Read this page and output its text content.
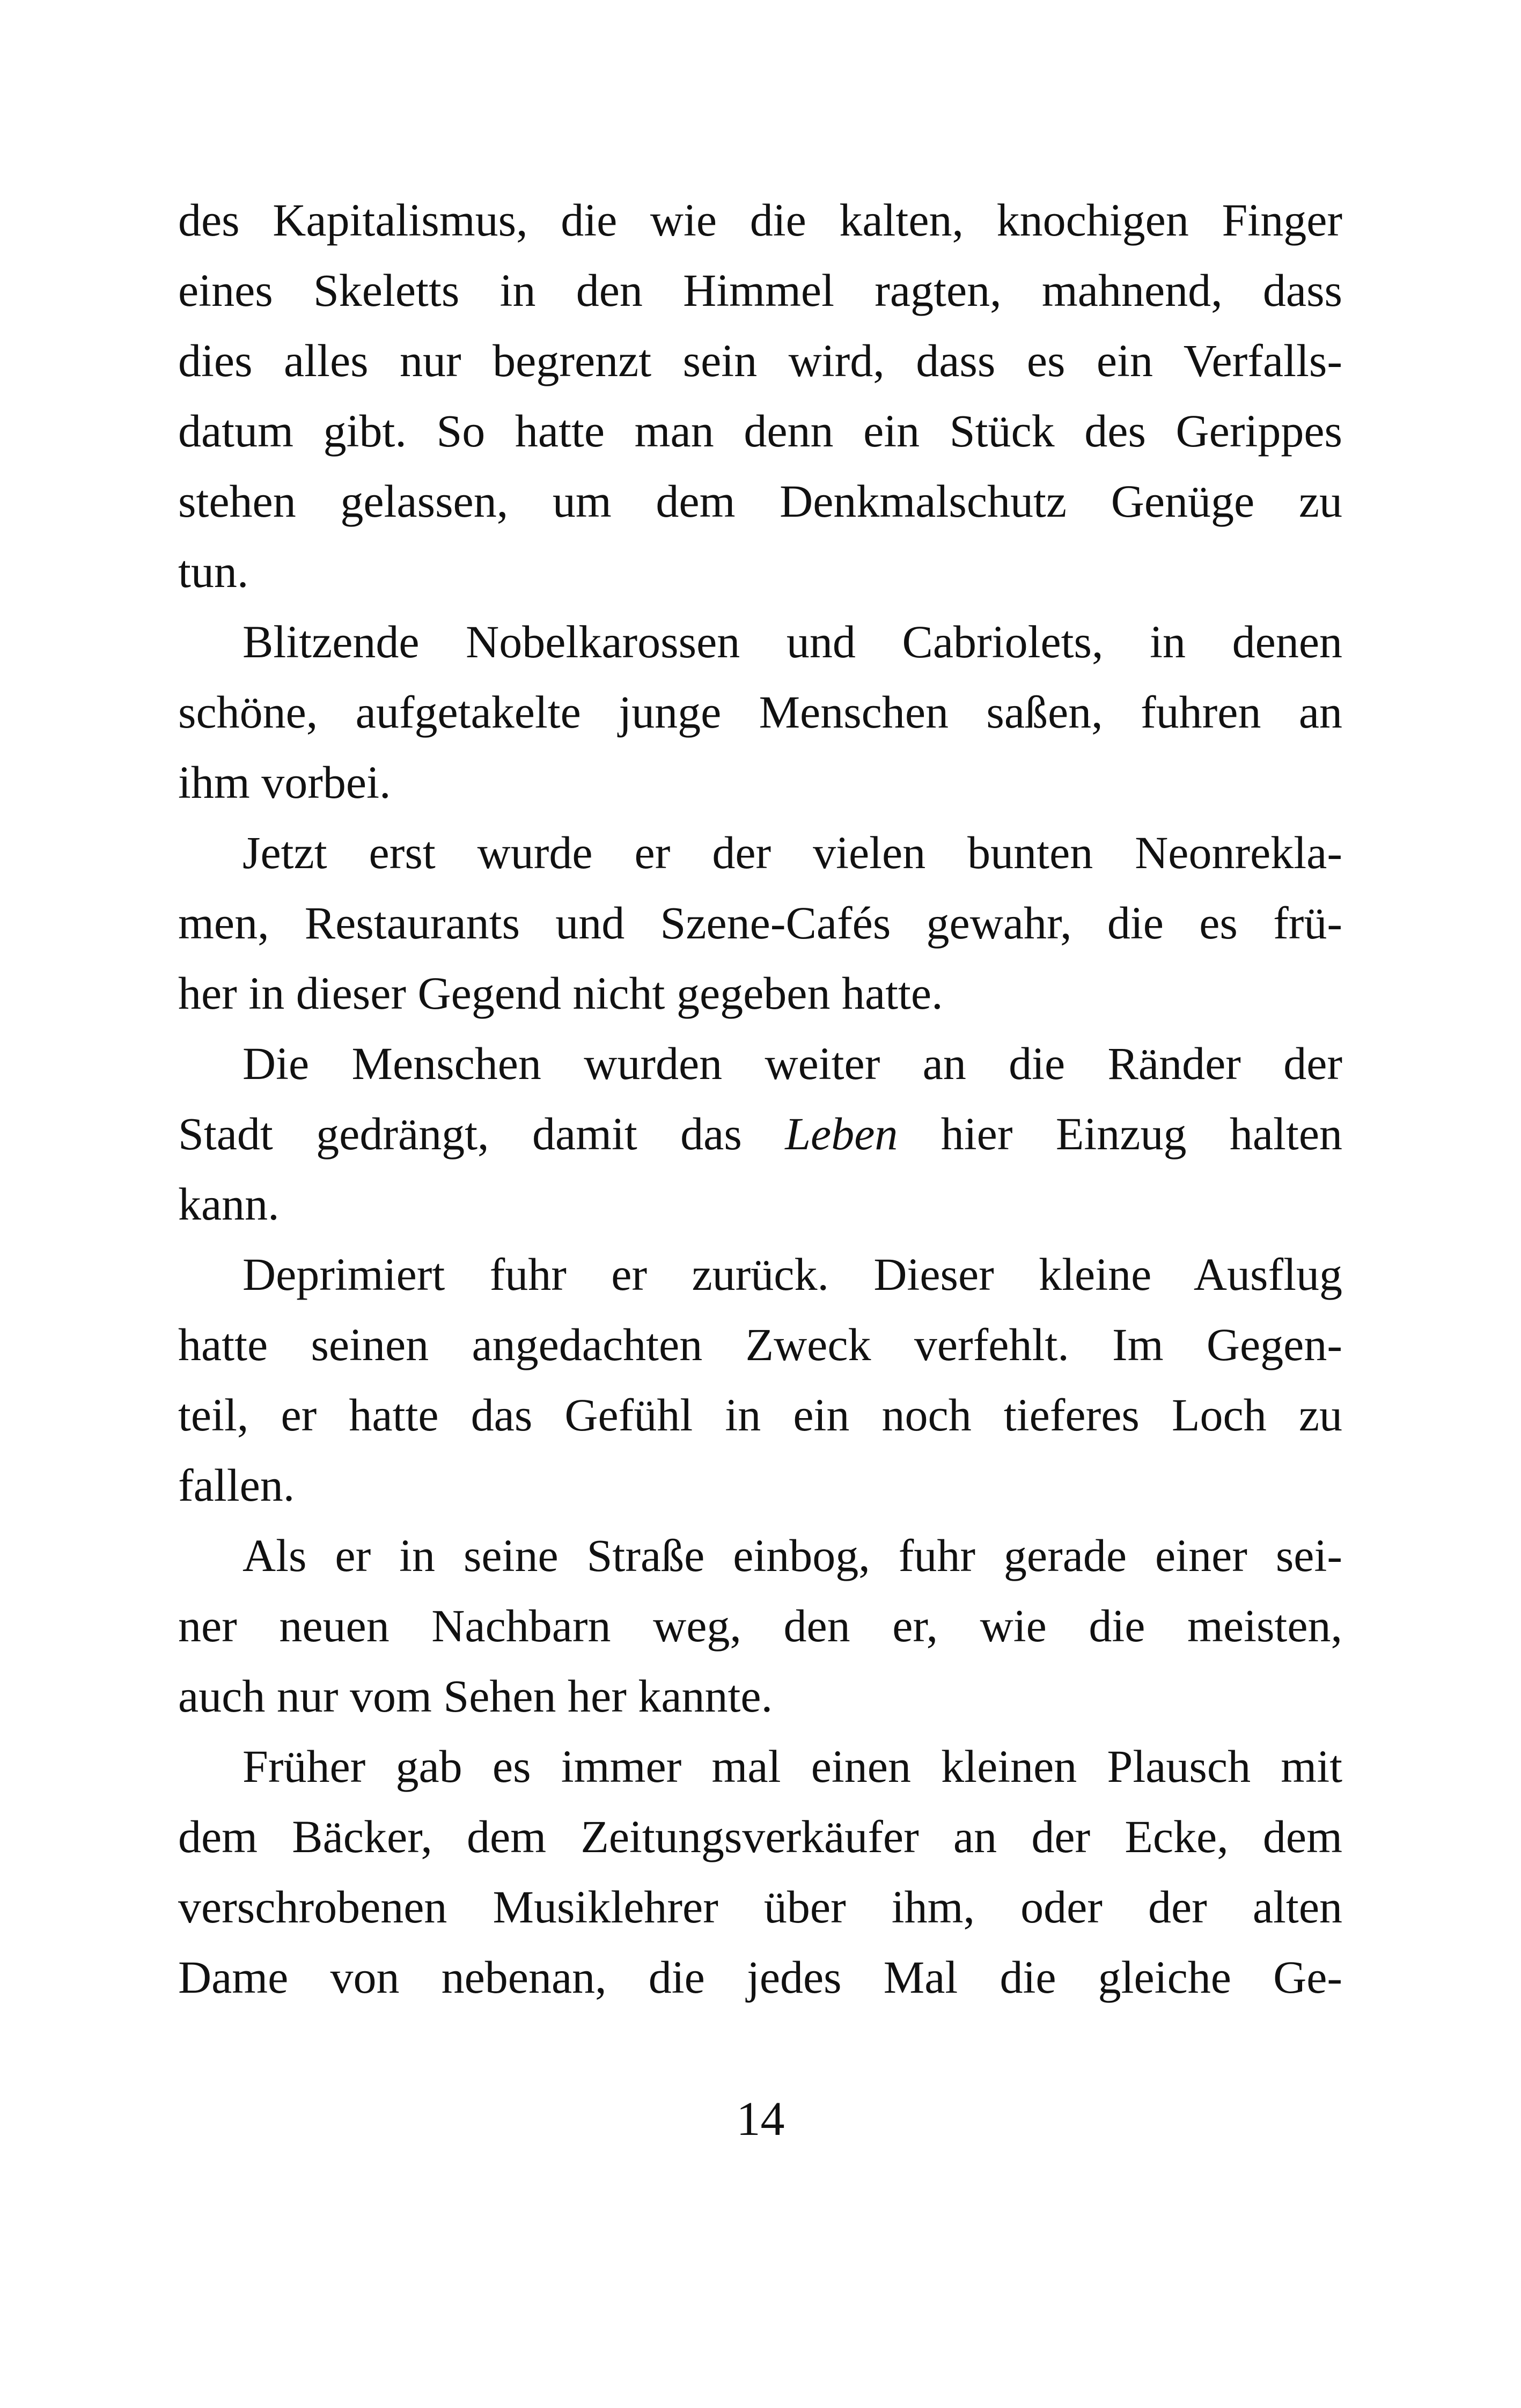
des Kapitalismus, die wie die kalten, knochigen Finger
eines Skeletts in den Himmel ragten, mahnend, dass
dies alles nur begrenzt sein wird, dass es ein Verfalls-
datum gibt. So hatte man denn ein Stück des Gerippes
stehen gelassen, um dem Denkmalschutz Genüge zu
tun.
Blitzende Nobelkarossen und Cabriolets, in denen
schöne, aufgetakelte junge Menschen saßen, fuhren an
ihm vorbei.
Jetzt erst wurde er der vielen bunten Neonrekla-
men, Restaurants und Szene-Cafés gewahr, die es frü-
her in dieser Gegend nicht gegeben hatte.
Die Menschen wurden weiter an die Ränder der
Stadt gedrängt, damit das Leben hier Einzug halten
kann.
Deprimiert fuhr er zurück. Dieser kleine Ausflug
hatte seinen angedachten Zweck verfehlt. Im Gegen-
teil, er hatte das Gefühl in ein noch tieferes Loch zu
fallen.
Als er in seine Straße einbog, fuhr gerade einer sei-
ner neuen Nachbarn weg, den er, wie die meisten,
auch nur vom Sehen her kannte.
Früher gab es immer mal einen kleinen Plausch mit
dem Bäcker, dem Zeitungsverkäufer an der Ecke, dem
verschrobenen Musiklehrer über ihm, oder der alten
Dame von nebenan, die jedes Mal die gleiche Ge-
14
